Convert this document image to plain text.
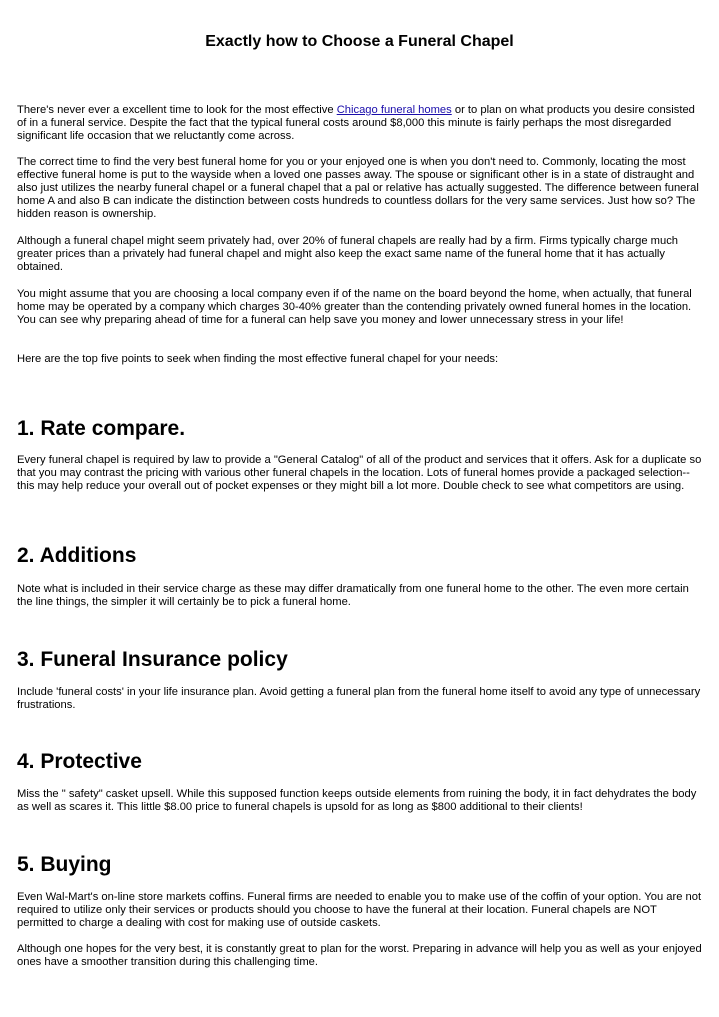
Exactly how to Choose a Funeral Chapel

There's never ever a excellent time to look for the most effective Chicago funeral homes or to plan on what products you desire consisted of in a funeral service. Despite the fact that the typical funeral costs around $8,000 this minute is fairly perhaps the most disregarded significant life occasion that we reluctantly come across.

The correct time to find the very best funeral home for you or your enjoyed one is when you don't need to. Commonly, locating the most effective funeral home is put to the wayside when a loved one passes away. The spouse or significant other is in a state of distraught and also just utilizes the nearby funeral chapel or a funeral chapel that a pal or relative has actually suggested. The difference between funeral home A and also B can indicate the distinction between costs hundreds to countless dollars for the very same services. Just how so? The hidden reason is ownership.

Although a funeral chapel might seem privately had, over 20% of funeral chapels are really had by a firm. Firms typically charge much greater prices than a privately had funeral chapel and might also keep the exact same name of the funeral home that it has actually obtained.

You might assume that you are choosing a local company even if of the name on the board beyond the home, when actually, that funeral home may be operated by a company which charges 30-40% greater than the contending privately owned funeral homes in the location. You can see why preparing ahead of time for a funeral can help save you money and lower unnecessary stress in your life!

Here are the top five points to seek when finding the most effective funeral chapel for your needs:

1. Rate compare.

Every funeral chapel is required by law to provide a "General Catalog" of all of the product and services that it offers. Ask for a duplicate so that you may contrast the pricing with various other funeral chapels in the location. Lots of funeral homes provide a packaged selection-- this may help reduce your overall out of pocket expenses or they might bill a lot more. Double check to see what competitors are using.

2. Additions

Note what is included in their service charge as these may differ dramatically from one funeral home to the other. The even more certain the line things, the simpler it will certainly be to pick a funeral home.

3. Funeral Insurance policy

Include 'funeral costs' in your life insurance plan. Avoid getting a funeral plan from the funeral home itself to avoid any type of unnecessary frustrations.

4. Protective

Miss the " safety" casket upsell. While this supposed function keeps outside elements from ruining the body, it in fact dehydrates the body as well as scares it. This little $8.00 price to funeral chapels is upsold for as long as $800 additional to their clients!

5. Buying

Even Wal-Mart's on-line store markets coffins. Funeral firms are needed to enable you to make use of the coffin of your option. You are not required to utilize only their services or products should you choose to have the funeral at their location. Funeral chapels are NOT permitted to charge a dealing with cost for making use of outside caskets.

Although one hopes for the very best, it is constantly great to plan for the worst. Preparing in advance will help you as well as your enjoyed ones have a smoother transition during this challenging time.
